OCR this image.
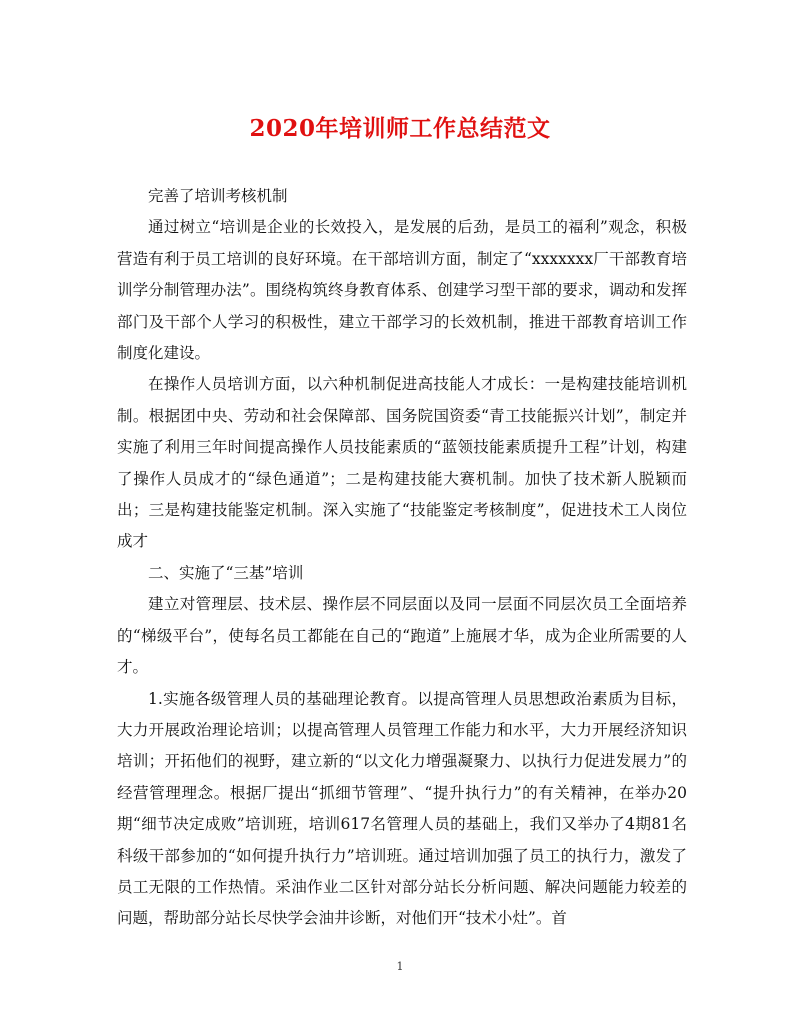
2020年培训师工作总结范文

完善了培训考核机制

通过树立“培训是企业的长效投入，是发展的后劲，是员工的福利”观念，积极营造有利于员工培训的良好环境。在干部培训方面，制定了“xxxxxxx厂干部教育培训学分制管理办法”。围绕构筑终身教育体系、创建学习型干部的要求，调动和发挥部门及干部个人学习的积极性，建立干部学习的长效机制，推进干部教育培训工作制度化建设。

在操作人员培训方面，以六种机制促进高技能人才成长：一是构建技能培训机制。根据团中央、劳动和社会保障部、国务院国资委“青工技能振兴计划”，制定并实施了利用三年时间提高操作人员技能素质的“蓝领技能素质提升工程”计划，构建了操作人员成才的“绿色通道”；二是构建技能大赛机制。加快了技术新人脱颖而出；三是构建技能鉴定机制。深入实施了“技能鉴定考核制度”，促进技术工人岗位成才

二、实施了“三基”培训

建立对管理层、技术层、操作层不同层面以及同一层面不同层次员工全面培养的“梯级平台”，使每名员工都能在自己的“跑道”上施展才华，成为企业所需要的人才。

1.实施各级管理人员的基础理论教育。以提高管理人员思想政治素质为目标，大力开展政治理论培训；以提高管理人员管理工作能力和水平，大力开展经济知识培训；开拓他们的视野，建立新的“以文化力增强凝聚力、以执行力促进发展力”的经营管理理念。根据厂提出“抓细节管理”、“提升执行力”的有关精神，在举办20期“细节决定成败”培训班，培训617名管理人员的基础上，我们又举办了4期81名科级干部参加的“如何提升执行力”培训班。通过培训加强了员工的执行力，激发了员工无限的工作热情。采油作业二区针对部分站长分析问题、解决问题能力较差的问题，帮助部分站长尽快学会油井诊断，对他们开“技术小灶”。首

1
